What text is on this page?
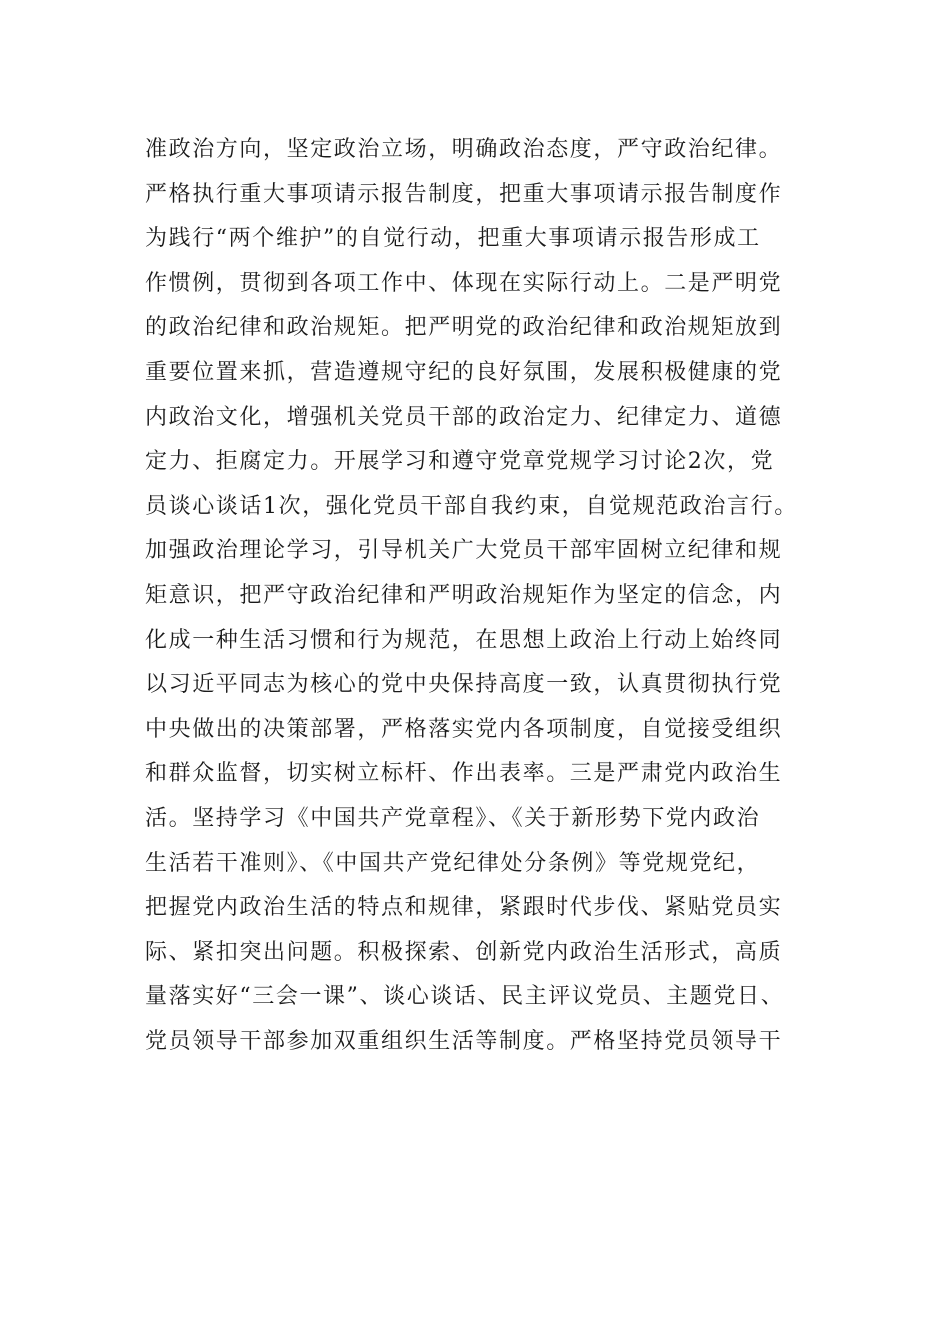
准政治方向，坚定政治立场，明确政治态度，严守政治纪律。
严格执行重大事项请示报告制度，把重大事项请示报告制度作
为践行“两个维护”的自觉行动，把重大事项请示报告形成工
作惯例，贯彻到各项工作中、体现在实际行动上。二是严明党
的政治纪律和政治规矩。把严明党的政治纪律和政治规矩放到
重要位置来抓，营造遵规守纪的良好氛围，发展积极健康的党
内政治文化，增强机关党员干部的政治定力、纪律定力、道德
定力、拒腐定力。开展学习和遵守党章党规学习讨论2次，党
员谈心谈话1次，强化党员干部自我约束，自觉规范政治言行。
加强政治理论学习，引导机关广大党员干部牢固树立纪律和规
矩意识，把严守政治纪律和严明政治规矩作为坚定的信念，内
化成一种生活习惯和行为规范，在思想上政治上行动上始终同
以习近平同志为核心的党中央保持高度一致，认真贯彻执行党
中央做出的决策部署，严格落实党内各项制度，自觉接受组织
和群众监督，切实树立标杆、作出表率。三是严肃党内政治生
活。坚持学习《中国共产党章程》、《关于新形势下党内政治
生活若干准则》、《中国共产党纪律处分条例》等党规党纪，
把握党内政治生活的特点和规律，紧跟时代步伐、紧贴党员实
际、紧扣突出问题。积极探索、创新党内政治生活形式，高质
量落实好“三会一课”、谈心谈话、民主评议党员、主题党日、
党员领导干部参加双重组织生活等制度。严格坚持党员领导干
